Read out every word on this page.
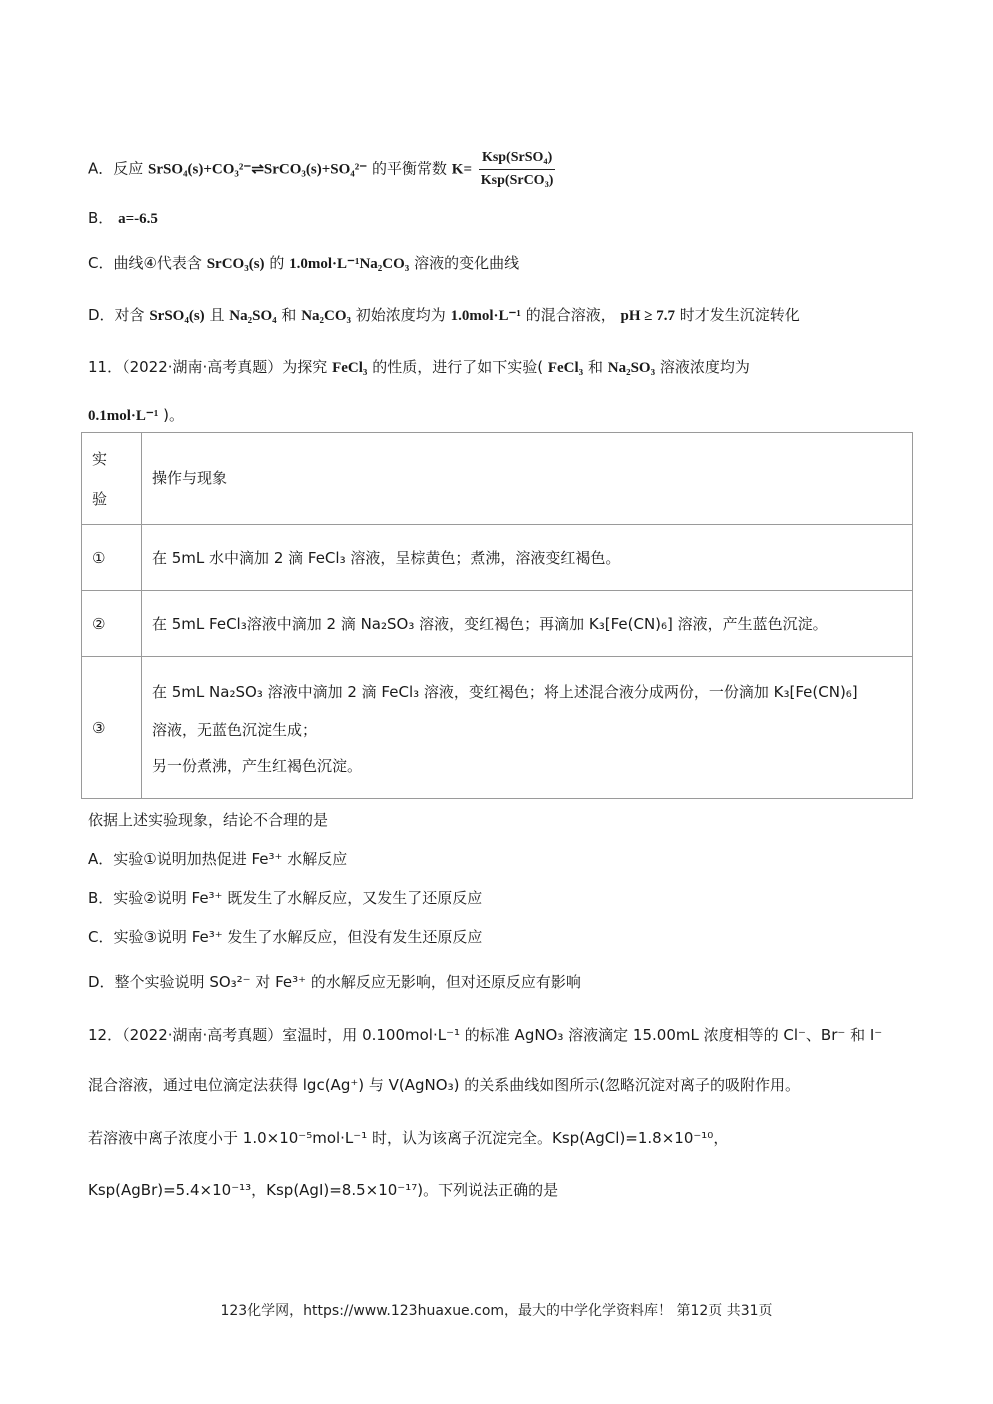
A．反应 SrSO₄(s)+CO₃²⁻⇌SrCO₃(s)+SO₄²⁻ 的平衡常数 $K= \frac{\text{Ksp(SrSO₄)}}{\text{Ksp(SrCO₃)}}$
B． a=-6.5
C．曲线④代表含 SrCO₃(s) 的 1.0mol·L⁻¹Na₂CO₃ 溶液的变化曲线
D．对含 SrSO₄(s) 且 Na₂SO₄ 和 Na₂CO₃ 初始浓度均为 1.0mol·L⁻¹ 的混合溶液， pH ≥ 7.7 时才发生沉淀转化
11．（2022·湖南·高考真题）为探究 FeCl₃ 的性质，进行了如下实验( FeCl₃ 和 Na₂SO₃ 溶液浓度均为
0.1mol·L⁻¹ )。
实验	操作与现象
①	在 5mL 水中滴加 2 滴 FeCl₃ 溶液，呈棕黄色；煮沸，溶液变红褐色。
②	在 5mL FeCl₃溶液中滴加 2 滴 Na₂SO₃ 溶液，变红褐色；再滴加 K₃[Fe(CN)₆] 溶液，产生蓝色沉淀。
③	在 5mL Na₂SO₃ 溶液中滴加 2 滴 FeCl₃ 溶液，变红褐色；将上述混合液分成两份，一份滴加 K₃[Fe(CN)₆]
溶液，无蓝色沉淀生成；
另一份煮沸，产生红褐色沉淀。
依据上述实验现象，结论不合理的是
A．实验①说明加热促进 Fe³⁺ 水解反应
B．实验②说明 Fe³⁺ 既发生了水解反应，又发生了还原反应
C．实验③说明 Fe³⁺ 发生了水解反应，但没有发生还原反应
D．整个实验说明 SO₃²⁻ 对 Fe³⁺ 的水解反应无影响，但对还原反应有影响
12．（2022·湖南·高考真题）室温时，用 0.100mol·L⁻¹ 的标准 AgNO₃ 溶液滴定 15.00mL 浓度相等的 Cl⁻、Br⁻ 和 I⁻
混合溶液，通过电位滴定法获得 lgc(Ag⁺) 与 V(AgNO₃) 的关系曲线如图所示(忽略沉淀对离子的吸附作用。
若溶液中离子浓度小于 1.0×10⁻⁵mol·L⁻¹ 时，认为该离子沉淀完全。Ksp(AgCl)=1.8×10⁻¹⁰，
Ksp(AgBr)=5.4×10⁻¹³，Ksp(AgI)=8.5×10⁻¹⁷)。下列说法正确的是
123化学网，https://www.123huaxue.com，最大的中学化学资料库！ 第12页 共31页
